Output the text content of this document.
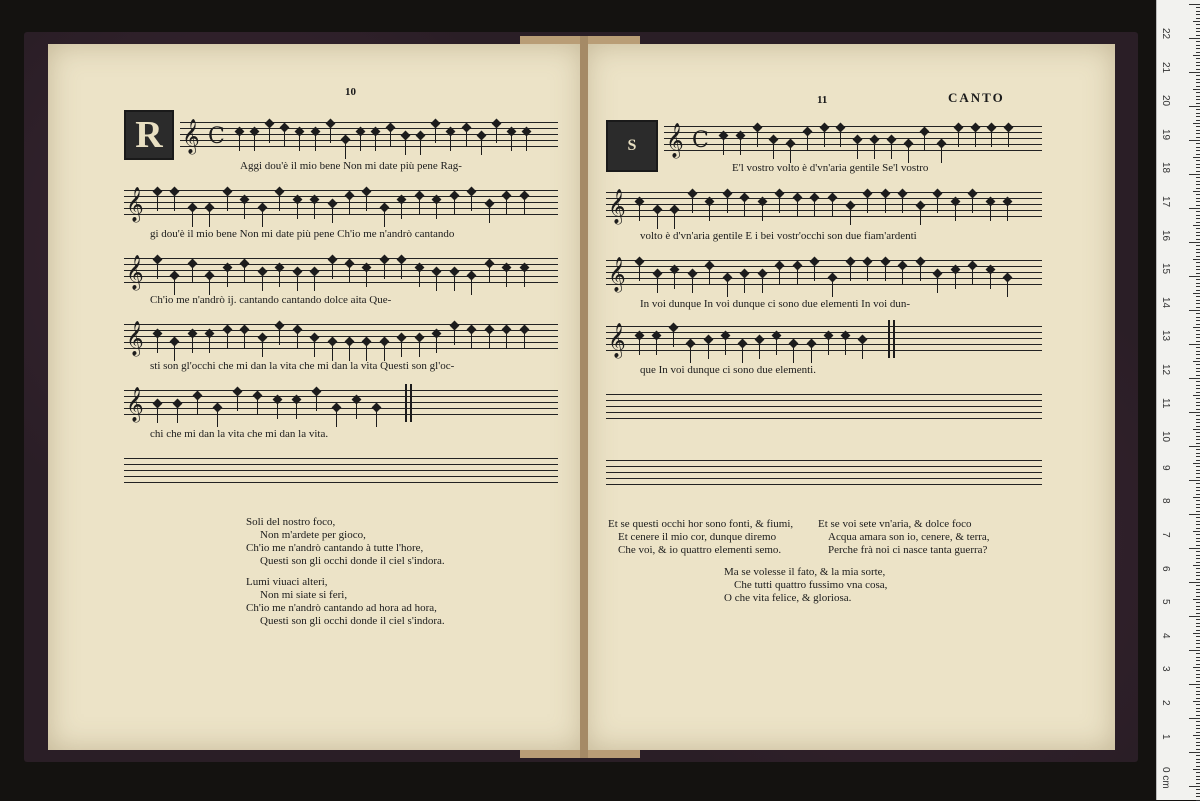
10
R 𝄞 C
𝄞
𝄞
𝄞
𝄞
Aggi dou'è il mio bene Non mi date più pene Rag-
gi dou'è il mio bene Non mi date più pene Ch'io me n'andrò cantando
Ch'io me n'andrò ij. cantando cantando dolce aita Que-
sti son gl'occhi che mi dan la vita che mi dan la vita Questi son gl'oc-
chi che mi dan la vita che mi dan la vita.
Soli del nostro foco,
Non m'ardete per gioco,
Ch'io me n'andrò cantando à tutte l'hore,
Questi son gli occhi donde il ciel s'indora.
Lumi viuaci alteri,
Non mi siate si feri,
Ch'io me n'andrò cantando ad hora ad hora,
Questi son gli occhi donde il ciel s'indora.
11	CANTO
S 𝄞 C
𝄞
𝄞
𝄞
E'l vostro volto è d'vn'aria gentile Se'l vostro
volto è d'vn'aria gentile E i bei vostr'occhi son due fiam'ardenti
In voi dunque In voi dunque ci sono due elementi In voi dun-
que In voi dunque ci sono due elementi.
Et se questi occhi hor sono fonti, & fiumi,
Et cenere il mio cor, dunque diremo
Che voi, & io quattro elementi semo.
Et se voi sete vn'aria, & dolce foco
Acqua amara son io, cenere, & terra,
Perche frà noi ci nasce tanta guerra?
Ma se volesse il fato, & la mia sorte,
Che tutti quattro fussimo vna cosa,
O che vita felice, & gloriosa.
22
21
20
19
18
17
16
15
14
13
12
11
10
9
8
7
6
5
4
3
2
1
0 cm
